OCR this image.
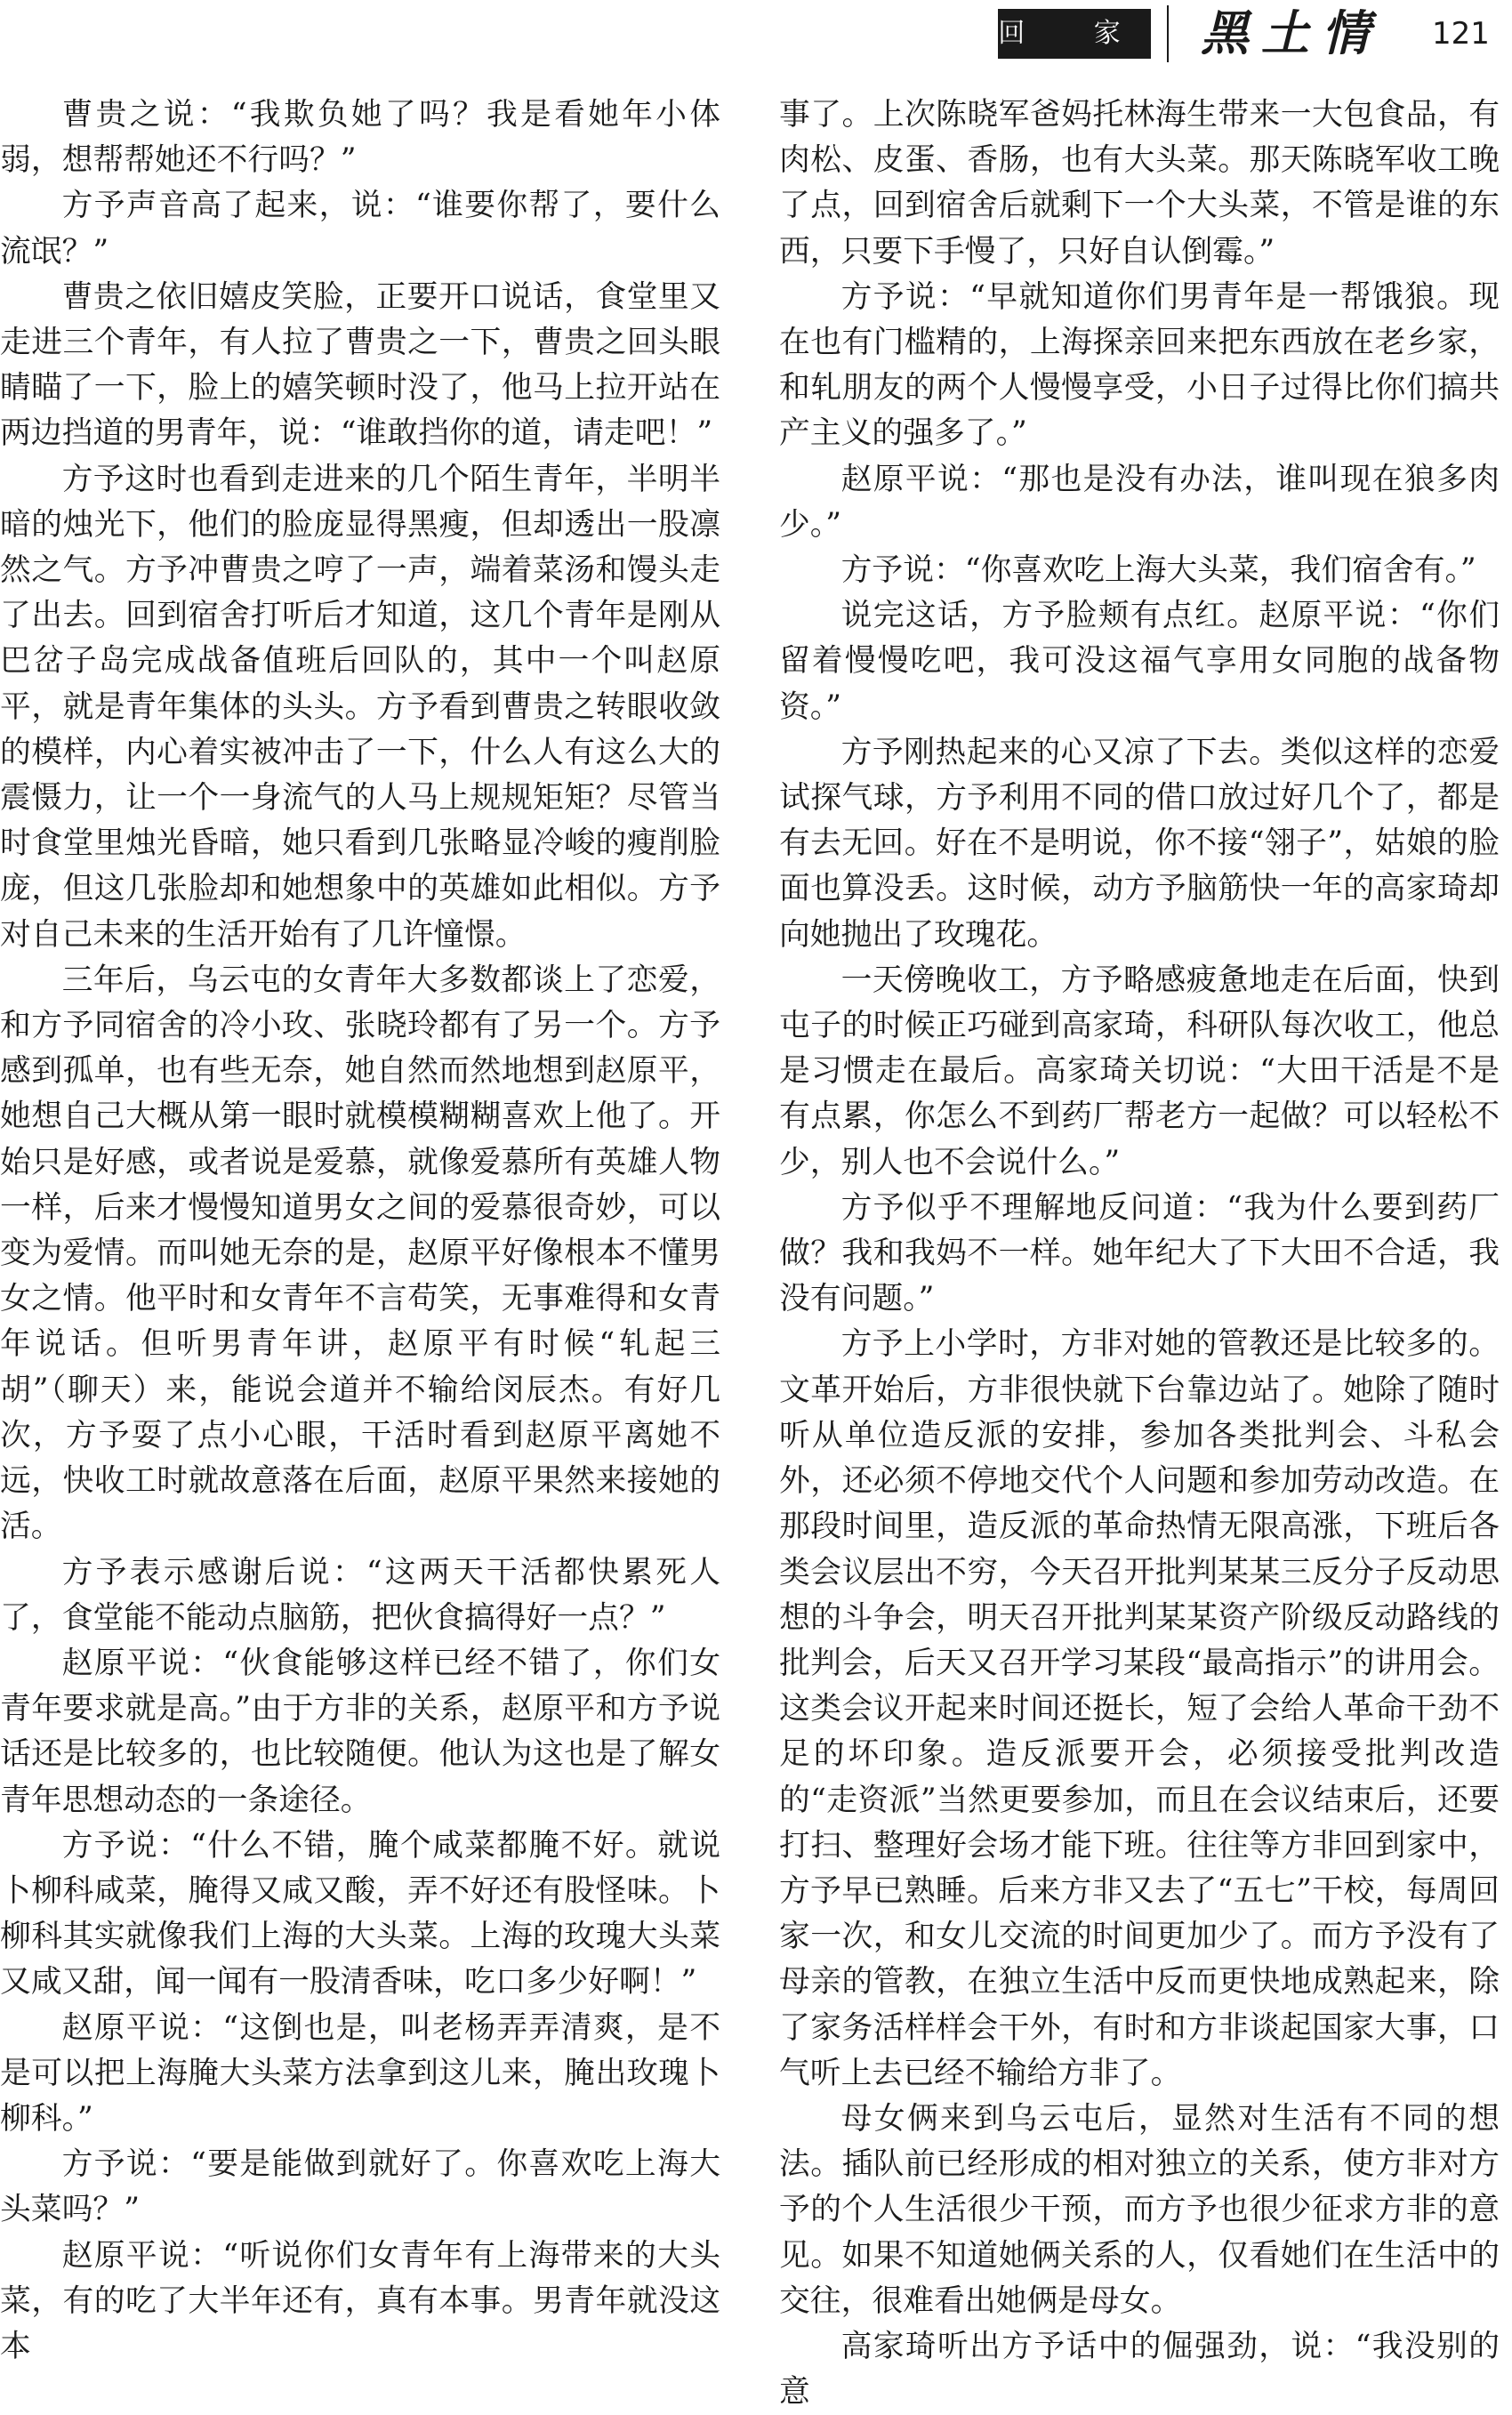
回 家 黑土情	121

曹贵之说：“我欺负她了吗？我是看她年小体弱，想帮帮她还不行吗？”

方予声音高了起来，说：“谁要你帮了，要什么流氓？”

曹贵之依旧嬉皮笑脸，正要开口说话，食堂里又走进三个青年，有人拉了曹贵之一下，曹贵之回头眼睛瞄了一下，脸上的嬉笑顿时没了，他马上拉开站在两边挡道的男青年，说：“谁敢挡你的道，请走吧！”

方予这时也看到走进来的几个陌生青年，半明半暗的烛光下，他们的脸庞显得黑瘦，但却透出一股凛然之气。方予冲曹贵之哼了一声，端着菜汤和馒头走了出去。回到宿舍打听后才知道，这几个青年是刚从巴岔子岛完成战备值班后回队的，其中一个叫赵原平，就是青年集体的头头。方予看到曹贵之转眼收敛的模样，内心着实被冲击了一下，什么人有这么大的震慑力，让一个一身流气的人马上规规矩矩？尽管当时食堂里烛光昏暗，她只看到几张略显冷峻的瘦削脸庞，但这几张脸却和她想象中的英雄如此相似。方予对自己未来的生活开始有了几许憧憬。

三年后，乌云屯的女青年大多数都谈上了恋爱，和方予同宿舍的冷小玫、张晓玲都有了另一个。方予感到孤单，也有些无奈，她自然而然地想到赵原平，她想自己大概从第一眼时就模模糊糊喜欢上他了。开始只是好感，或者说是爱慕，就像爱慕所有英雄人物一样，后来才慢慢知道男女之间的爱慕很奇妙，可以变为爱情。而叫她无奈的是，赵原平好像根本不懂男女之情。他平时和女青年不言苟笑，无事难得和女青年说话。但听男青年讲，赵原平有时候“轧起三胡”（聊天）来，能说会道并不输给闵辰杰。有好几次，方予耍了点小心眼，干活时看到赵原平离她不远，快收工时就故意落在后面，赵原平果然来接她的活。

方予表示感谢后说：“这两天干活都快累死人了，食堂能不能动点脑筋，把伙食搞得好一点？”

赵原平说：“伙食能够这样已经不错了，你们女青年要求就是高。”由于方非的关系，赵原平和方予说话还是比较多的，也比较随便。他认为这也是了解女青年思想动态的一条途径。

方予说：“什么不错，腌个咸菜都腌不好。就说卜柳科咸菜，腌得又咸又酸，弄不好还有股怪味。卜柳科其实就像我们上海的大头菜。上海的玫瑰大头菜又咸又甜，闻一闻有一股清香味，吃口多少好啊！”

赵原平说：“这倒也是，叫老杨弄弄清爽，是不是可以把上海腌大头菜方法拿到这儿来，腌出玫瑰卜柳科。”

方予说：“要是能做到就好了。你喜欢吃上海大头菜吗？”

赵原平说：“听说你们女青年有上海带来的大头菜，有的吃了大半年还有，真有本事。男青年就没这本

事了。上次陈晓军爸妈托林海生带来一大包食品，有肉松、皮蛋、香肠，也有大头菜。那天陈晓军收工晚了点，回到宿舍后就剩下一个大头菜，不管是谁的东西，只要下手慢了，只好自认倒霉。”

方予说：“早就知道你们男青年是一帮饿狼。现在也有门槛精的，上海探亲回来把东西放在老乡家，和轧朋友的两个人慢慢享受，小日子过得比你们搞共产主义的强多了。”

赵原平说：“那也是没有办法，谁叫现在狼多肉少。”

方予说：“你喜欢吃上海大头菜，我们宿舍有。”

说完这话，方予脸颊有点红。赵原平说：“你们留着慢慢吃吧，我可没这福气享用女同胞的战备物资。”

方予刚热起来的心又凉了下去。类似这样的恋爱试探气球，方予利用不同的借口放过好几个了，都是有去无回。好在不是明说，你不接“翎子”，姑娘的脸面也算没丢。这时候，动方予脑筋快一年的高家琦却向她抛出了玫瑰花。

一天傍晚收工，方予略感疲惫地走在后面，快到屯子的时候正巧碰到高家琦，科研队每次收工，他总是习惯走在最后。高家琦关切说：“大田干活是不是有点累，你怎么不到药厂帮老方一起做？可以轻松不少，别人也不会说什么。”

方予似乎不理解地反问道：“我为什么要到药厂做？我和我妈不一样。她年纪大了下大田不合适，我没有问题。”

方予上小学时，方非对她的管教还是比较多的。文革开始后，方非很快就下台靠边站了。她除了随时听从单位造反派的安排，参加各类批判会、斗私会外，还必须不停地交代个人问题和参加劳动改造。在那段时间里，造反派的革命热情无限高涨，下班后各类会议层出不穷，今天召开批判某某三反分子反动思想的斗争会，明天召开批判某某资产阶级反动路线的批判会，后天又召开学习某段“最高指示”的讲用会。这类会议开起来时间还挺长，短了会给人革命干劲不足的坏印象。造反派要开会，必须接受批判改造的“走资派”当然更要参加，而且在会议结束后，还要打扫、整理好会场才能下班。往往等方非回到家中，方予早已熟睡。后来方非又去了“五七”干校，每周回家一次，和女儿交流的时间更加少了。而方予没有了母亲的管教，在独立生活中反而更快地成熟起来，除了家务活样样会干外，有时和方非谈起国家大事，口气听上去已经不输给方非了。

母女俩来到乌云屯后，显然对生活有不同的想法。插队前已经形成的相对独立的关系，使方非对方予的个人生活很少干预，而方予也很少征求方非的意见。如果不知道她俩关系的人，仅看她们在生活中的交往，很难看出她俩是母女。

高家琦听出方予话中的倔强劲，说：“我没别的意
